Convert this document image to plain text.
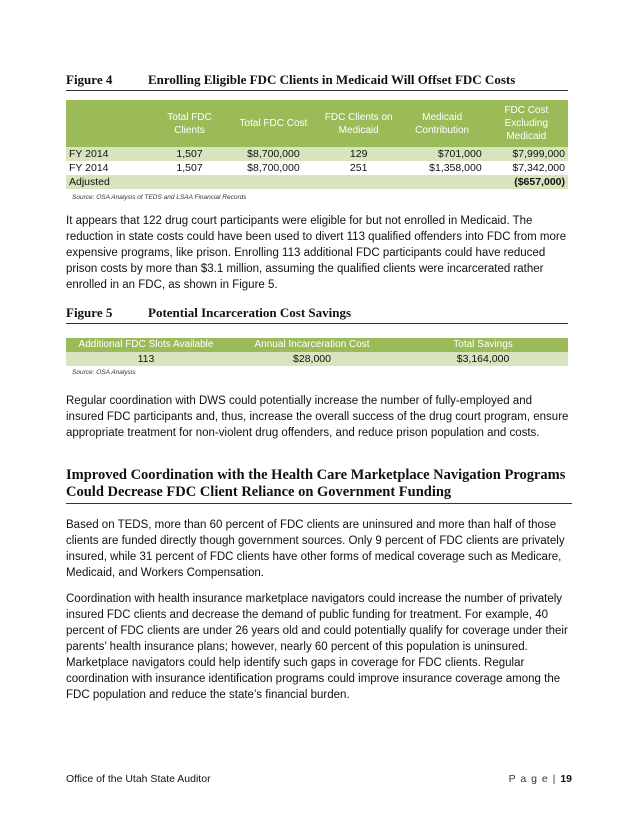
Figure 4	Enrolling Eligible FDC Clients in Medicaid Will Offset FDC Costs
	Total FDC Clients	Total FDC Cost	FDC Clients on Medicaid	Medicaid Contribution	FDC Cost Excluding Medicaid
FY 2014	1,507	$8,700,000	129	$701,000	$7,999,000
FY 2014	1,507	$8,700,000	251	$1,358,000	$7,342,000
Adjusted					($657,000)
Source: OSA Analysis of TEDS and LSAA Financial Records

It appears that 122 drug court participants were eligible for but not enrolled in Medicaid. The reduction in state costs could have been used to divert 113 qualified offenders into FDC from more expensive programs, like prison. Enrolling 113 additional FDC participants could have reduced prison costs by more than $3.1 million, assuming the qualified clients were incarcerated rather enrolled in an FDC, as shown in Figure 5.

Figure 5	Potential Incarceration Cost Savings
Additional FDC Slots Available	Annual Incarceration Cost	Total Savings
113	$28,000	$3,164,000
Source: OSA Analysis

Regular coordination with DWS could potentially increase the number of fully-employed and insured FDC participants and, thus, increase the overall success of the drug court program, ensure appropriate treatment for non-violent drug offenders, and reduce prison population and costs.

Improved Coordination with the Health Care Marketplace Navigation Programs Could Decrease FDC Client Reliance on Government Funding

Based on TEDS, more than 60 percent of FDC clients are uninsured and more than half of those clients are funded directly though government sources. Only 9 percent of FDC clients are privately insured, while 31 percent of FDC clients have other forms of medical coverage such as Medicare, Medicaid, and Workers Compensation.

Coordination with health insurance marketplace navigators could increase the number of privately insured FDC clients and decrease the demand of public funding for treatment. For example, 40 percent of FDC clients are under 26 years old and could potentially qualify for coverage under their parents’ health insurance plans; however, nearly 60 percent of this population is uninsured. Marketplace navigators could help identify such gaps in coverage for FDC clients. Regular coordination with insurance identification programs could improve insurance coverage among the FDC population and reduce the state’s financial burden.

Office of the Utah State Auditor	P a g e | 19
